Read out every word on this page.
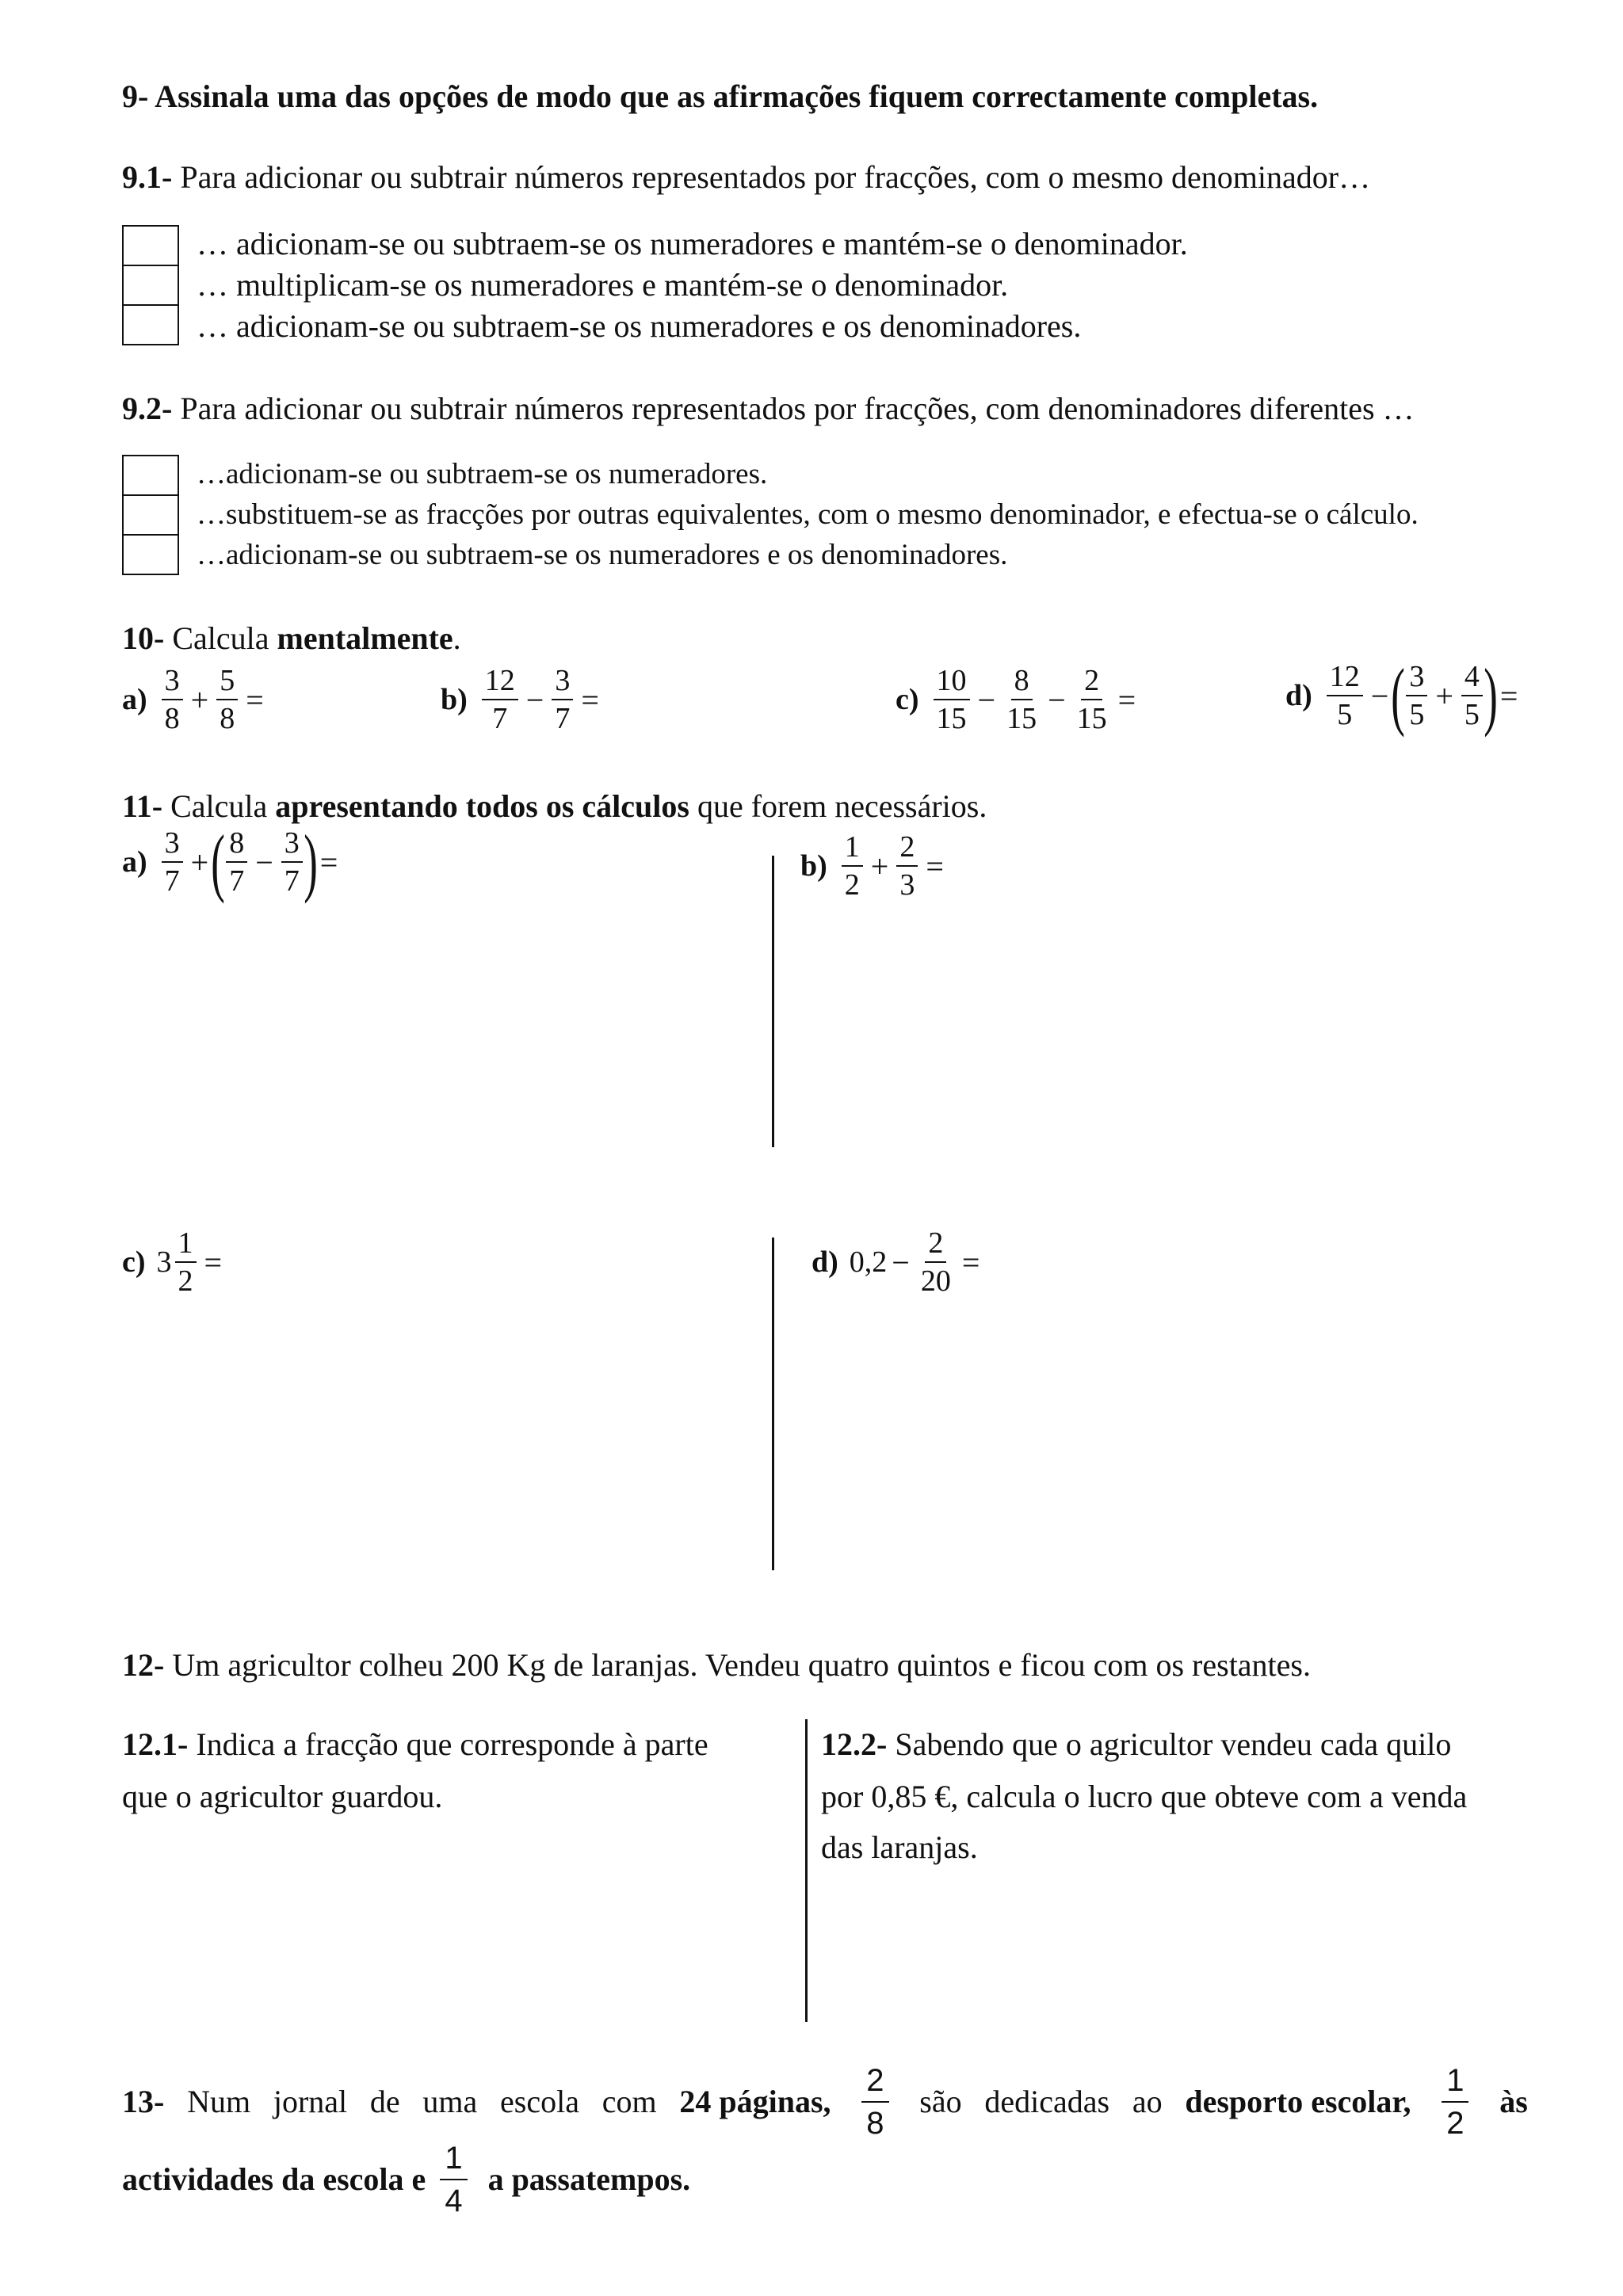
9- Assinala uma das opções de modo que as afirmações fiquem correctamente completas.
9.1- Para adicionar ou subtrair números representados por fracções, com o mesmo denominador…
… adicionam-se ou subtraem-se os numeradores e mantém-se o denominador.
… multiplicam-se os numeradores e mantém-se o denominador.
… adicionam-se ou subtraem-se os numeradores e os denominadores.
9.2- Para adicionar ou subtrair números representados por fracções, com denominadores diferentes …
…adicionam-se ou subtraem-se os numeradores.
…substituem-se as fracções por outras equivalentes, com o mesmo denominador, e efectua-se o cálculo.
…adicionam-se ou subtraem-se os numeradores e os denominadores.
10- Calcula mentalmente.
$a) \frac{3}{8} + \frac{5}{8}$ =	$b) \frac{12}{7} - \frac{3}{7}$ =	$c) \frac{10}{15} - \frac{8}{15} - \frac{2}{15}$ =	$d) \frac{12}{5}$ − ( $\frac{3}{5} + \frac{4}{5}$ ) =
11- Calcula apresentando todos os cálculos que forem necessários.
$a) \frac{3}{7}$ + ( $\frac{8}{7} - \frac{3}{7}$ ) =	$b) \frac{1}{2} + \frac{2}{3}$ =
c) $3 \frac{1}{2}$ =	d) $0,2 - \frac{2}{20}$ =
12- Um agricultor colheu 200 Kg de laranjas. Vendeu quatro quintos e ficou com os restantes.
12.1- Indica a fracção que corresponde à parte
que o agricultor guardou.
12.2- Sabendo que o agricultor vendeu cada quilo
por 0,85 €, calcula o lucro que obteve com a venda
das laranjas.
13- Num jornal de uma escola com 24 páginas, $\frac{2}{8}$ são dedicadas ao desporto escolar, $\frac{1}{2}$ às
actividades da escola e $\frac{1}{4}$ a passatempos.
